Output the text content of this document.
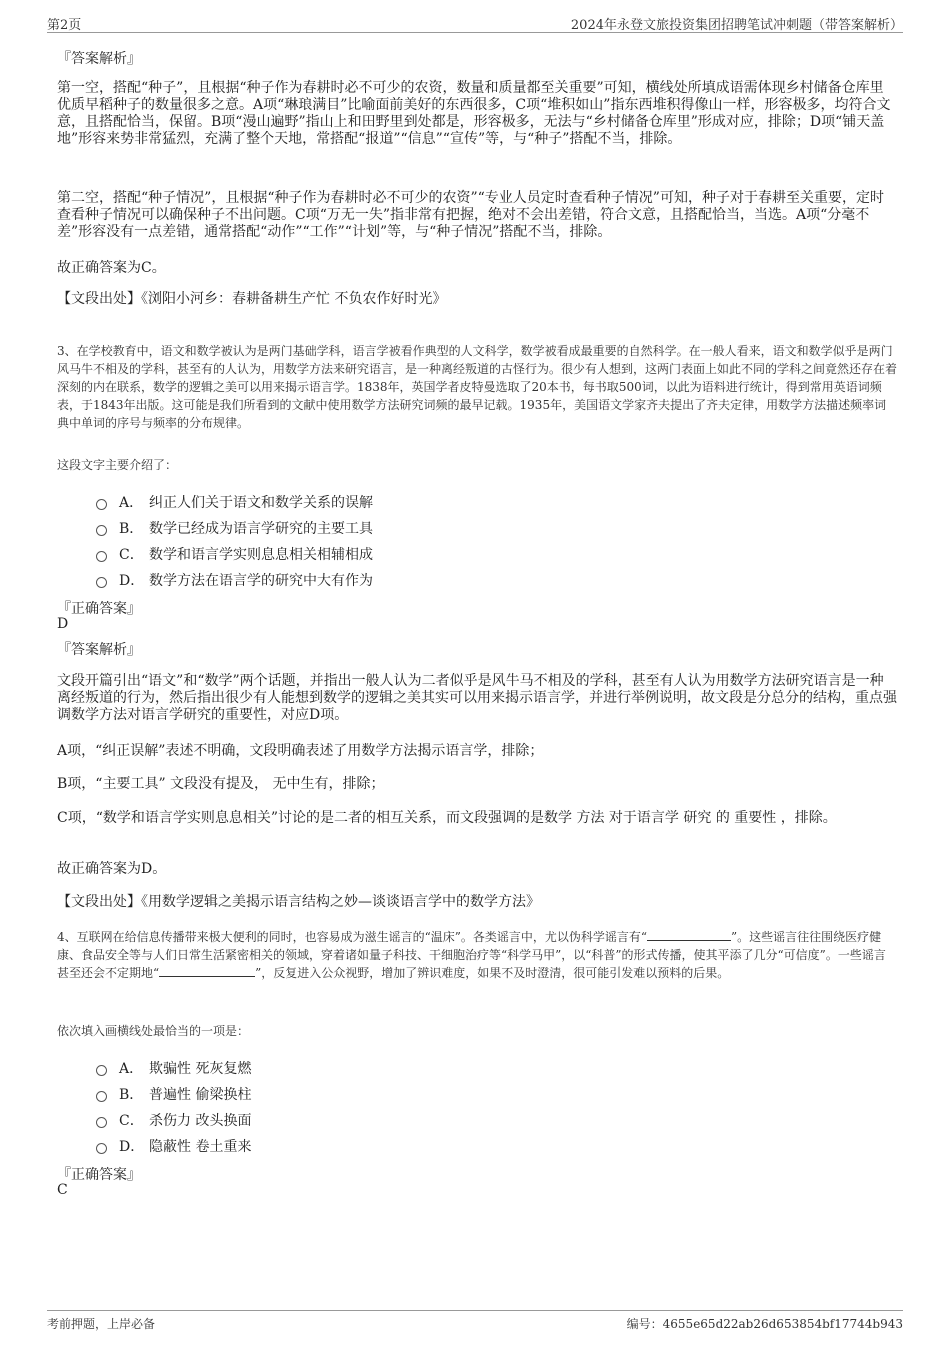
第2页	2024年永登文旅投资集团招聘笔试冲刺题（带答案解析）
『答案解析』
第一空，搭配“种子”，且根据“种子作为春耕时必不可少的农资，数量和质量都至关重要”可知，横线处所填成语需体现乡村储备仓库里优质早稻种子的数量很多之意。A项“琳琅满目”比喻面前美好的东西很多，C项“堆积如山”指东西堆积得像山一样，形容极多，均符合文意，且搭配恰当，保留。B项“漫山遍野”指山上和田野里到处都是，形容极多，无法与“乡村储备仓库里”形成对应，排除；D项“铺天盖地”形容来势非常猛烈，充满了整个天地，常搭配“报道”“信息”“宣传”等，与“种子”搭配不当，排除。
第二空，搭配“种子情况”，且根据“种子作为春耕时必不可少的农资”“专业人员定时查看种子情况”可知，种子对于春耕至关重要，定时查看种子情况可以确保种子不出问题。C项“万无一失”指非常有把握，绝对不会出差错，符合文意，且搭配恰当，当选。A项“分毫不差”形容没有一点差错，通常搭配“动作”“工作”“计划”等，与“种子情况”搭配不当，排除。
故正确答案为C。
【文段出处】《浏阳小河乡：春耕备耕生产忙 不负农作好时光》
3、在学校教育中，语文和数学被认为是两门基础学科，语言学被看作典型的人文科学，数学被看成最重要的自然科学。在一般人看来，语文和数学似乎是两门风马牛不相及的学科，甚至有的人认为，用数学方法来研究语言，是一种离经叛道的古怪行为。很少有人想到，这两门表面上如此不同的学科之间竟然还存在着深刻的内在联系，数学的逻辑之美可以用来揭示语言学。1838年，英国学者皮特曼选取了20本书，每书取500词，以此为语料进行统计，得到常用英语词频表，于1843年出版。这可能是我们所看到的文献中使用数学方法研究词频的最早记载。1935年，美国语文学家齐夫提出了齐夫定律，用数学方法描述频率词典中单词的序号与频率的分布规律。
这段文字主要介绍了：
A． 纠正人们关于语文和数学关系的误解
B． 数学已经成为语言学研究的主要工具
C． 数学和语言学实则息息相关相辅相成
D． 数学方法在语言学的研究中大有作为
『正确答案』
D
『答案解析』
文段开篇引出“语文”和“数学”两个话题，并指出一般人认为二者似乎是风牛马不相及的学科，甚至有人认为用数学方法研究语言是一种离经叛道的行为，然后指出很少有人能想到数学的逻辑之美其实可以用来揭示语言学，并进行举例说明，故文段是分总分的结构，重点强调数学方法对语言学研究的重要性，对应D项。
A项，“纠正误解”表述不明确，文段明确表述了用数学方法揭示语言学，排除；
B项，“主要工具” 文段没有提及， 无中生有，排除；
C项，“数学和语言学实则息息相关”讨论的是二者的相互关系，而文段强调的是数学 方法 对于语言学 研究 的 重要性 ，排除。
故正确答案为D。
【文段出处】《用数学逻辑之美揭示语言结构之妙—谈谈语言学中的数学方法》
4、互联网在给信息传播带来极大便利的同时，也容易成为滋生谣言的“温床”。各类谣言中，尤以伪科学谣言有“	”。这些谣言往往围绕医疗健康、食品安全等与人们日常生活紧密相关的领域，穿着诸如量子科技、干细胞治疗等“科学马甲”，以“科普”的形式传播，使其平添了几分“可信度”。一些谣言甚至还会不定期地“	”，反复进入公众视野，增加了辨识难度，如果不及时澄清，很可能引发难以预料的后果。
依次填入画横线处最恰当的一项是：
A． 欺骗性 死灰复燃
B． 普遍性 偷梁换柱
C． 杀伤力 改头换面
D． 隐蔽性 卷土重来
『正确答案』
C
考前押题，上岸必备	编号：4655e65d22ab26d653854bf17744b943
